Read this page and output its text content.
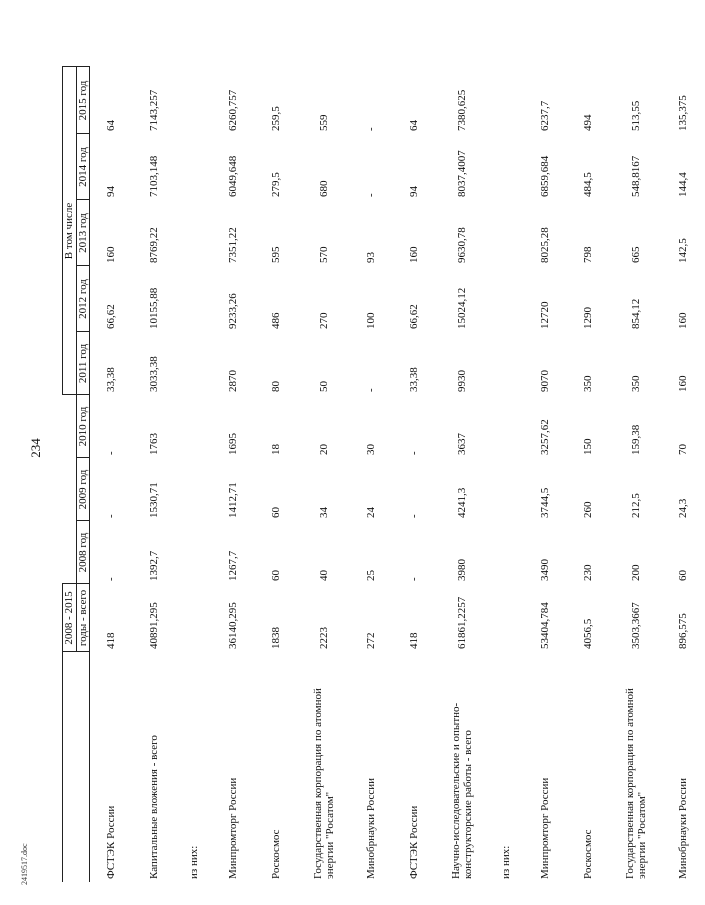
234
	2008 - 2015				В том числе				
	годы - всего	2008 год	2009 год	2010 год	2011 год	2012 год	2013 год	2014 год	2015 год
ФСТЭК России	418	-	-	-	33,38	66,62	160	94	64
Капитальные вложения - всего	40891,295	1392,7	1530,71	1763	3033,38	10155,88	8769,22	7103,148	7143,257
из них:									
Минпромторг России	36140,295	1267,7	1412,71	1695	2870	9233,26	7351,22	6049,648	6260,757
Роскосмос	1838	60	60	18	80	486	595	279,5	259,5
Государственная корпорация по атомной энергии "Росатом"	2223	40	34	20	50	270	570	680	559
Минобрнауки России	272	25	24	30	-	100	93	-	-
ФСТЭК России	418	-	-	-	33,38	66,62	160	94	64
Научно-исследовательские и опытно-конструкторские работы - всего	61861,2257	3980	4241,3	3637	9930	15024,12	9630,78	8037,4007	7380,625
из них:									
Минпромторг России	53404,784	3490	3744,5	3257,62	9070	12720	8025,28	6859,684	6237,7
Роскосмос	4056,5	230	260	150	350	1290	798	484,5	494
Государственная корпорация по атомной энергии "Росатом"	3503,3667	200	212,5	159,38	350	854,12	665	548,8167	513,55
Минобрнауки России	896,575	60	24,3	70	160	160	142,5	144,4	135,375
2419517.doc
